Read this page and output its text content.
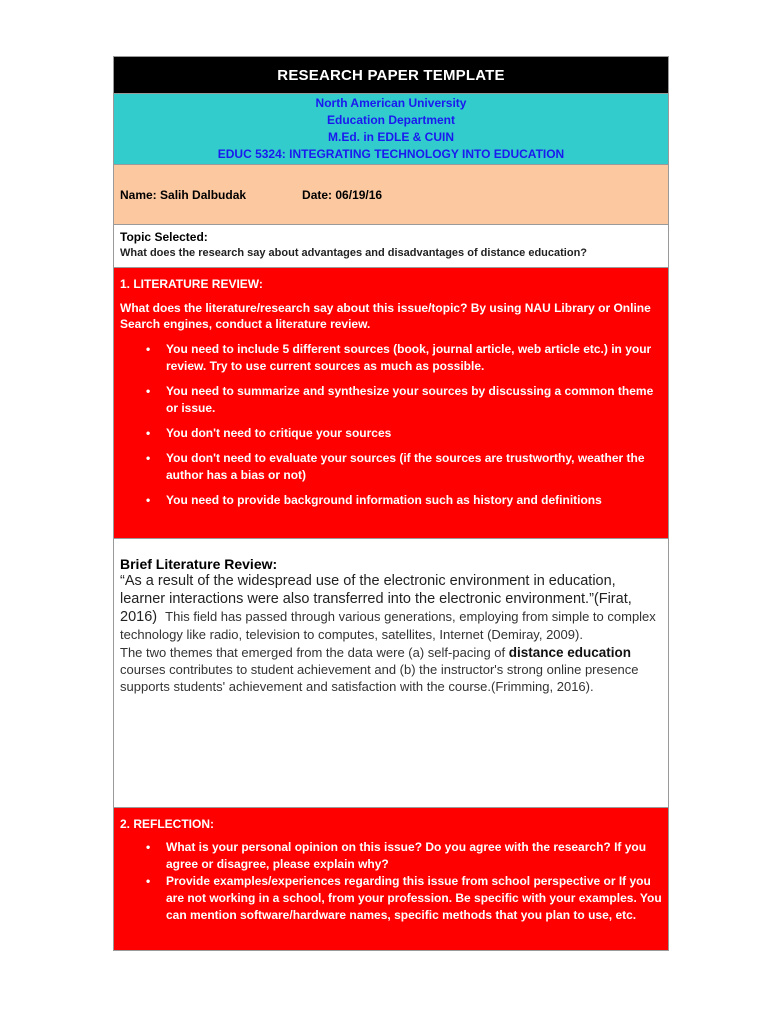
RESEARCH PAPER TEMPLATE
North American University
Education Department
M.Ed. in EDLE & CUIN
EDUC 5324: INTEGRATING TECHNOLOGY INTO EDUCATION
Name: Salih Dalbudak	Date: 06/19/16
Topic Selected:
What does the research say about advantages and disadvantages of distance education?
1. LITERATURE REVIEW:
What does the literature/research say about this issue/topic? By using NAU Library or Online Search engines, conduct a literature review.
• You need to include 5 different sources (book, journal article, web article etc.) in your review. Try to use current sources as much as possible.
• You need to summarize and synthesize your sources by discussing a common theme or issue.
• You don't need to critique your sources
• You don't need to evaluate your sources (if the sources are trustworthy, weather the author has a bias or not)
• You need to provide background information such as history and definitions
Brief Literature Review:
“As a result of the widespread use of the electronic environment in education, learner interactions were also transferred into the electronic environment.”(Firat, 2016) This field has passed through various generations, employing from simple to complex technology like radio, television to computes, satellites, Internet (Demiray, 2009).
The two themes that emerged from the data were (a) self-pacing of distance education courses contributes to student achievement and (b) the instructor's strong online presence supports students' achievement and satisfaction with the course.(Frimming, 2016).
2. REFLECTION:
• What is your personal opinion on this issue? Do you agree with the research? If you agree or disagree, please explain why?
• Provide examples/experiences regarding this issue from school perspective or If you are not working in a school, from your profession. Be specific with your examples. You can mention software/hardware names, specific methods that you plan to use, etc.
